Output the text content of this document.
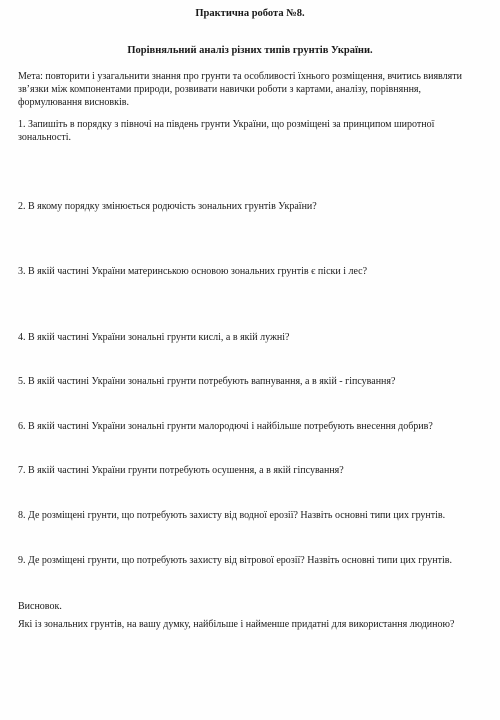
Практична робота №8.
Порівняльний аналіз різних типів грунтів України.
Мета: повторити і узагальнити знання про грунти та особливості їхнього розміщення, вчитись виявляти
зв’язки між компонентами природи, розвивати навички роботи з картами, аналізу, порівняння,
формулювання висновків.
1. Запишіть в порядку з півночі на південь грунти України, що розміщені за принципом широтної
зональності.
2. В якому порядку змінюється родючість зональних грунтів України?
3. В якій частині України материнською основою зональних грунтів є піски і лес?
4. В якій частині України зональні грунти кислі, а в якій лужні?
5. В якій частині України зональні грунти потребують вапнування, а в якій - гіпсування?
6. В якій частині України зональні грунти малородючі і найбільше потребують внесення добрив?
7. В якій частині України грунти потребують осушення, а в якій гіпсування?
8. Де розміщені грунти, що потребують захисту від водної ерозії? Назвіть основні типи цих грунтів.
9. Де розміщені грунти, що потребують захисту від вітрової ерозії? Назвіть основні типи цих грунтів.
Висновок.
Які із зональних грунтів, на вашу думку, найбільше і найменше придатні для використання людиною?
